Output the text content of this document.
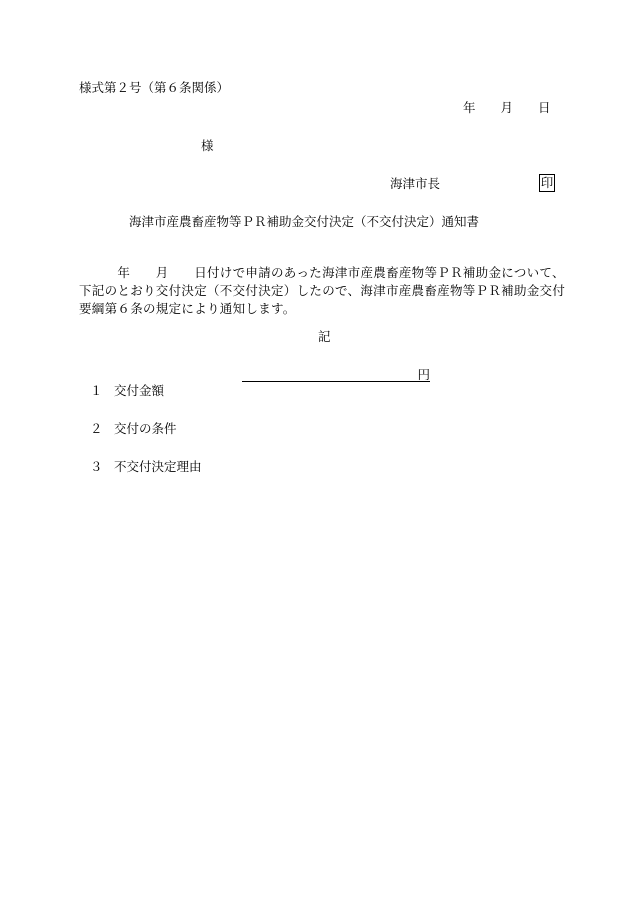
様式第２号（第６条関係）
年　　月　　日
様
海津市長	印
海津市産農畜産物等ＰＲ補助金交付決定（不交付決定）通知書

　　　年　　月　　日付けで申請のあった海津市産農畜産物等ＰＲ補助金について、下記のとおり交付決定（不交付決定）したので、海津市産農畜産物等ＰＲ補助金交付要綱第６条の規定により通知します。

記

１ 交付金額

円

２ 交付の条件

３ 不交付決定理由
